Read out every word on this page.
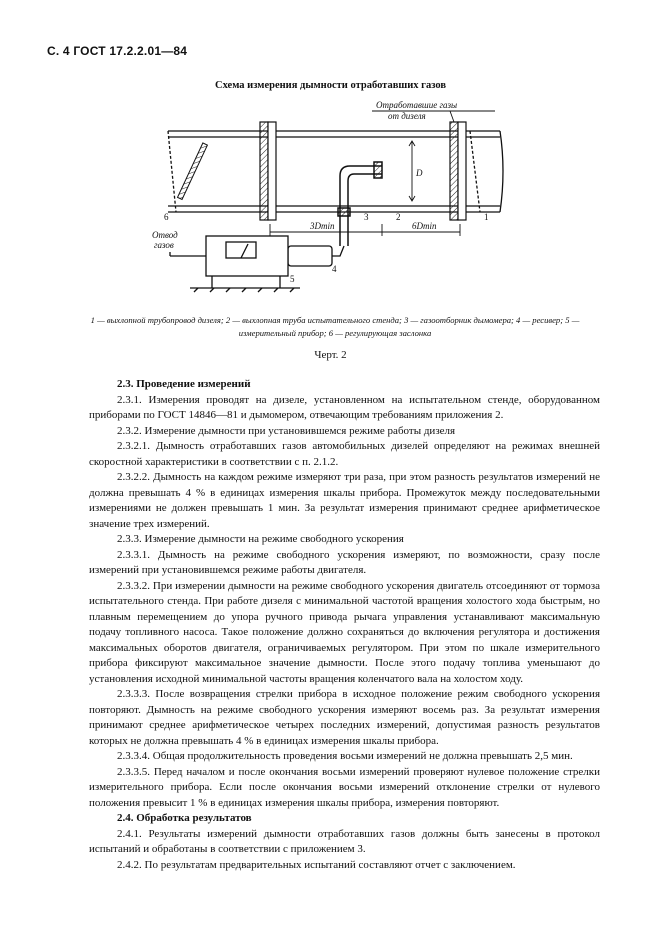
С. 4 ГОСТ 17.2.2.01—84
Схема измерения дымности отработавших газов
Отработавшие газы
от дизеля
D
3Dmin	6Dmin
Отвод
газов
6	3	2	1
4
5
1 — выхлопной трубопровод дизеля; 2 — выхлопная труба испытательного стенда; 3 — газоотборник дымомера; 4 — ресивер; 5 — измерительный прибор; 6 — регулирующая заслонка
Черт. 2

2.3. Проведение измерений

2.3.1. Измерения проводят на дизеле, установленном на испытательном стенде, оборудованном приборами по ГОСТ 14846—81 и дымомером, отвечающим требованиям приложения 2.

2.3.2. Измерение дымности при установившемся режиме работы дизеля

2.3.2.1. Дымность отработавших газов автомобильных дизелей определяют на режимах внешней скоростной характеристики в соответствии с п. 2.1.2.

2.3.2.2. Дымность на каждом режиме измеряют три раза, при этом разность результатов измерений не должна превышать 4 % в единицах измерения шкалы прибора. Промежуток между последовательными измерениями не должен превышать 1 мин. За результат измерения принимают среднее арифметическое значение трех измерений.

2.3.3. Измерение дымности на режиме свободного ускорения

2.3.3.1. Дымность на режиме свободного ускорения измеряют, по возможности, сразу после измерений при установившемся режиме работы двигателя.

2.3.3.2. При измерении дымности на режиме свободного ускорения двигатель отсоединяют от тормоза испытательного стенда. При работе дизеля с минимальной частотой вращения холостого хода быстрым, но плавным перемещением до упора ручного привода рычага управления устанавливают максимальную подачу топливного насоса. Такое положение должно сохраняться до включения регулятора и достижения максимальных оборотов двигателя, ограничиваемых регулятором. При этом по шкале измерительного прибора фиксируют максимальное значение дымности. После этого подачу топлива уменьшают до установления исходной минимальной частоты вращения коленчатого вала на холостом ходу.

2.3.3.3. После возвращения стрелки прибора в исходное положение режим свободного ускорения повторяют. Дымность на режиме свободного ускорения измеряют восемь раз. За результат измерения принимают среднее арифметическое четырех последних измерений, допустимая разность результатов которых не должна превышать 4 % в единицах измерения шкалы прибора.

2.3.3.4. Общая продолжительность проведения восьми измерений не должна превышать 2,5 мин.

2.3.3.5. Перед началом и после окончания восьми измерений проверяют нулевое положение стрелки измерительного прибора. Если после окончания восьми измерений отклонение стрелки от нулевого положения превысит 1 % в единицах измерения шкалы прибора, измерения повторяют.

2.4. Обработка результатов

2.4.1. Результаты измерений дымности отработавших газов должны быть занесены в протокол испытаний и обработаны в соответствии с приложением 3.

2.4.2. По результатам предварительных испытаний составляют отчет с заключением.
